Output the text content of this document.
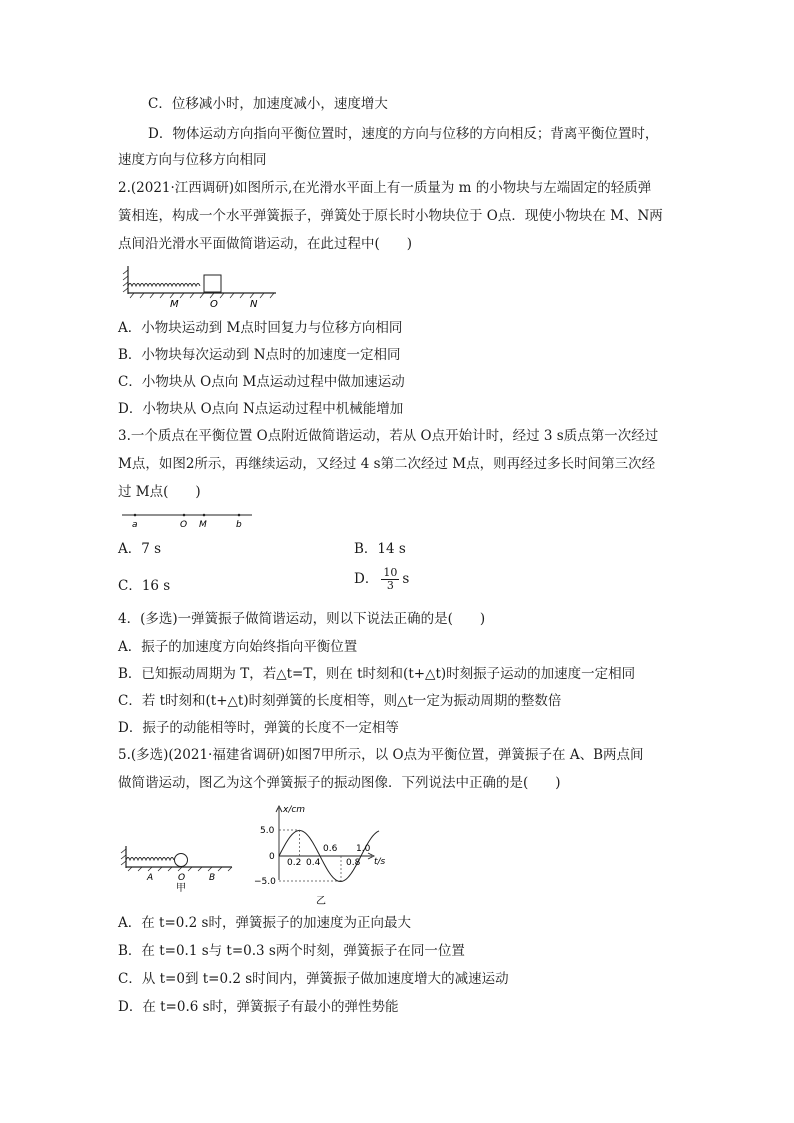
C．位移减小时，加速度减小，速度增大
D．物体运动方向指向平衡位置时，速度的方向与位移的方向相反；背离平衡位置时，
速度方向与位移方向相同
2.(2021·江西调研)如图所示,在光滑水平面上有一质量为 m 的小物块与左端固定的轻质弹
簧相连，构成一个水平弹簧振子，弹簧处于原长时小物块位于 O点．现使小物块在 M、N两
点间沿光滑水平面做简谐运动，在此过程中(　　)
M	O	N
A．小物块运动到 M点时回复力与位移方向相同
B．小物块每次运动到 N点时的加速度一定相同
C．小物块从 O点向 M点运动过程中做加速运动
D．小物块从 O点向 N点运动过程中机械能增加
3.一个质点在平衡位置 O点附近做简谐运动，若从 O点开始计时，经过 3 s质点第一次经过
M点，如图2所示，再继续运动，又经过 4 s第二次经过 M点，则再经过多长时间第三次经
过 M点(　　)
a	O M	b
A．7 s	B．14 s
C．16 s	D． $\frac{10}{3}$ s
4．(多选)一弹簧振子做简谐运动，则以下说法正确的是(　　)
A．振子的加速度方向始终指向平衡位置
B．已知振动周期为 T，若△t=T，则在 t时刻和(t+△t)时刻振子运动的加速度一定相同
C．若 t时刻和(t+△t)时刻弹簧的长度相等，则△t一定为振动周期的整数倍
D．振子的动能相等时，弹簧的长度不一定相等
5.(多选)(2021·福建省调研)如图7甲所示，以 O点为平衡位置，弹簧振子在 A、B两点间
做简谐运动，图乙为这个弹簧振子的振动图像．下列说法中正确的是(　　)
A	O	B
甲
x/cm
t/s
5.0
0
−5.0
0.2 0.4
0.6
0.8
1.0
乙
A．在 t=0.2 s时，弹簧振子的加速度为正向最大
B．在 t=0.1 s与 t=0.3 s两个时刻，弹簧振子在同一位置
C．从 t=0到 t=0.2 s时间内，弹簧振子做加速度增大的减速运动
D．在 t=0.6 s时，弹簧振子有最小的弹性势能
